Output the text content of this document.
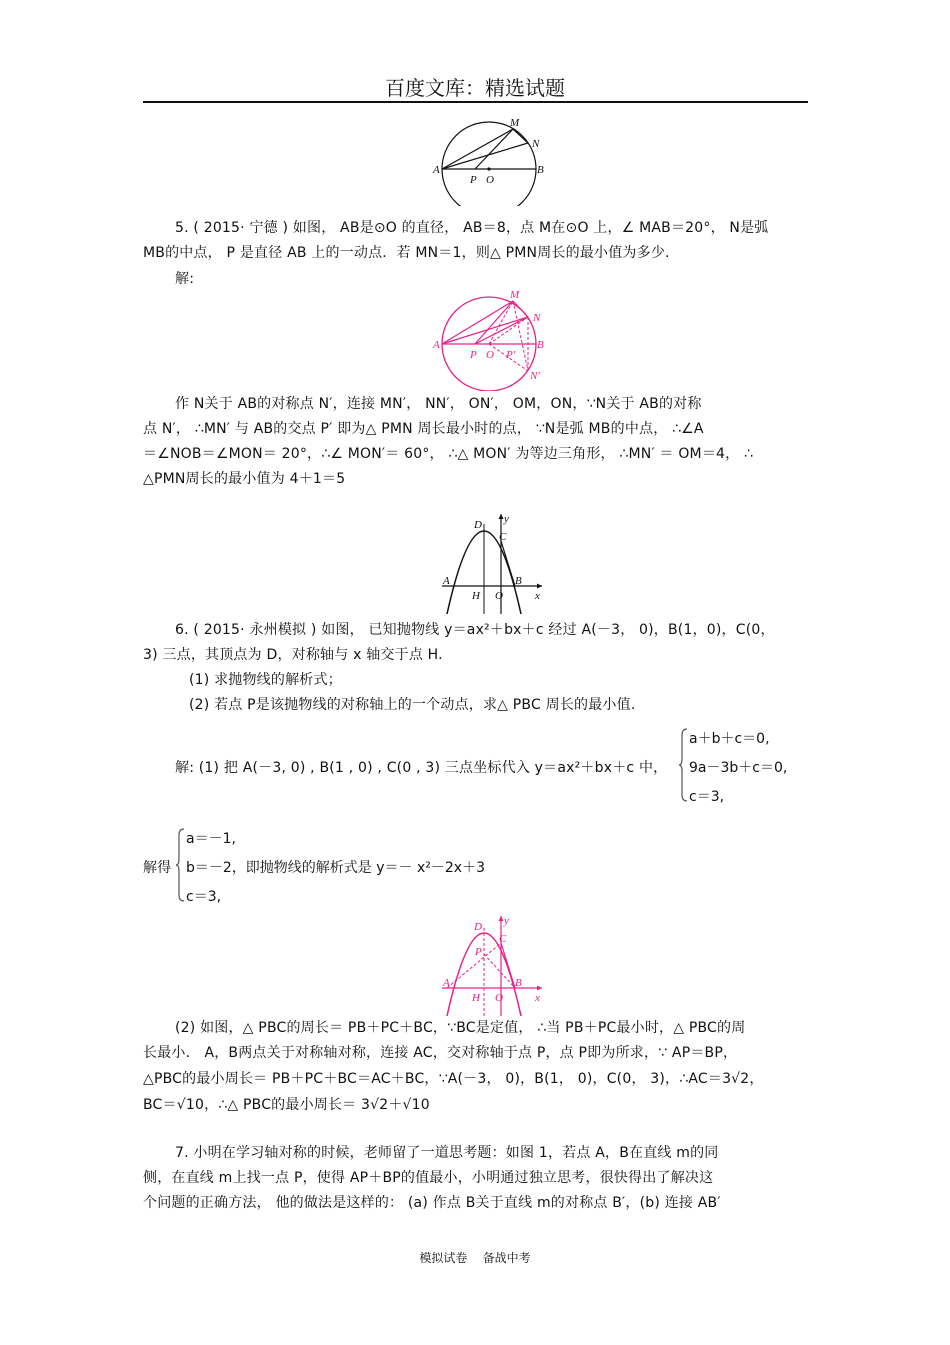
百度文库：精选试题
M
N
A
P O
B
5. ( 2015· 宁德 ) 如图， AB是⊙O 的直径， AB＝8，点 M在⊙O 上，∠ MAB＝20°， N是弧
MB的中点， P 是直径 AB 上的一动点．若 MN＝1，则△ PMN周长的最小值为多少.
解:
M
N
A
P O P′
B
N′
作 N关于 AB的对称点 N′，连接 MN′， NN′， ON′， OM，ON，∵N关于 AB的对称
点 N′， ∴MN′ 与 AB的交点 P′ 即为△ PMN 周长最小时的点， ∵N是弧 MB的中点， ∴∠A
＝∠NOB＝∠MON＝ 20°，∴∠ MON′＝ 60°， ∴△ MON′ 为等边三角形， ∴MN′ ＝ OM＝4， ∴
△PMN周长的最小值为 4＋1＝5
D y
C
A	B
H O	x
6. ( 2015· 永州模拟 ) 如图， 已知抛物线 y＝ax²＋bx＋c 经过 A(－3， 0)，B(1，0)，C(0，
3) 三点，其顶点为 D，对称轴与 x 轴交于点 H.
(1) 求抛物线的解析式；
(2) 若点 P是该抛物线的对称轴上的一个动点，求△ PBC 周长的最小值.
解: (1) 把 A(－3, 0) , B(1 , 0) , C(0 , 3) 三点坐标代入 y＝ax²＋bx＋c 中，
a＋b＋c＝0,
9a－3b＋c＝0,
c＝3,
解得
a＝－1,
b＝－2，即抛物线的解析式是 y＝－ x²－2x＋3
c＝3,
D y
P
C
A	B
H O	x
(2) 如图，△ PBC的周长＝ PB＋PC＋BC，∵BC是定值， ∴当 PB＋PC最小时，△ PBC的周
长最小． A，B两点关于对称轴对称，连接 AC，交对称轴于点 P，点 P即为所求，∵ AP＝BP，
△PBC的最小周长＝ PB＋PC＋BC＝AC＋BC，∵A(－3， 0)，B(1， 0)，C(0， 3)，∴AC＝3√2，
BC＝√10，∴△ PBC的最小周长＝ 3√2＋√10
7. 小明在学习轴对称的时候，老师留了一道思考题：如图 1，若点 A，B在直线 m的同
侧，在直线 m上找一点 P，使得 AP＋BP的值最小，小明通过独立思考，很快得出了解决这
个问题的正确方法， 他的做法是这样的： (a) 作点 B关于直线 m的对称点 B′，(b) 连接 AB′
模拟试卷    备战中考
